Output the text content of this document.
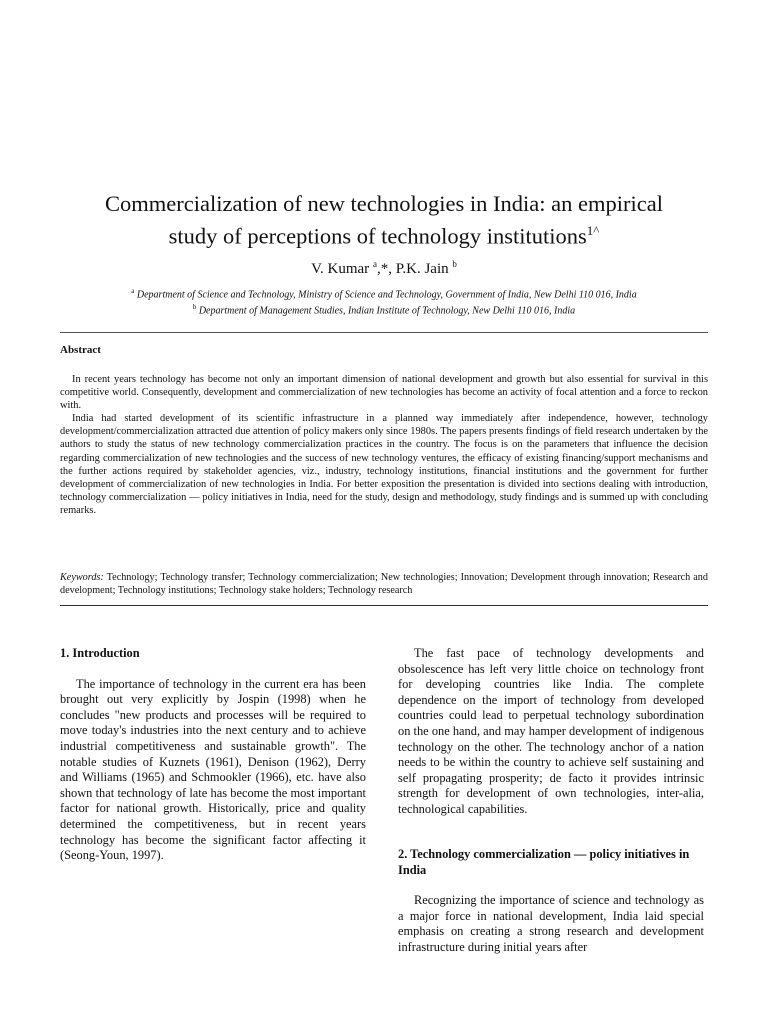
Commercialization of new technologies in India: an empirical
study of perceptions of technology institutions$^{1\^{}}$
V. Kumar $^a$,*, P.K. Jain $^b$
$^a$ Department of Science and Technology, Ministry of Science and Technology, Government of India, New Delhi 110 016, India
$^b$ Department of Management Studies, Indian Institute of Technology, New Delhi 110 016, India
Abstract

In recent years technology has become not only an important dimension of national development and growth but also essential for survival in this competitive world. Consequently, development and commercialization of new technologies has become an activity of focal attention and a force to reckon with.

India had started development of its scientific infrastructure in a planned way immediately after independence, however, technology development/commercialization attracted due attention of policy makers only since 1980s. The papers presents findings of field research undertaken by the authors to study the status of new technology commercialization practices in the country. The focus is on the parameters that influence the decision regarding commercialization of new technologies and the success of new technology ventures, the efficacy of existing financing/support mechanisms and the further actions required by stakeholder agencies, viz., industry, technology institutions, financial institutions and the government for further development of commercialization of new technologies in India. For better exposition the presentation is divided into sections dealing with introduction, technology commercialization — policy initiatives in India, need for the study, design and methodology, study findings and is summed up with concluding remarks.

Keywords: Technology; Technology transfer; Technology commercialization; New technologies; Innovation; Development through innovation; Research and development; Technology institutions; Technology stake holders; Technology research
1. Introduction

The importance of technology in the current era has been brought out very explicitly by Jospin (1998) when he concludes "new products and processes will be required to move today's industries into the next century and to achieve industrial competitiveness and sustainable growth". The notable studies of Kuznets (1961), Denison (1962), Derry and Williams (1965) and Schmookler (1966), etc. have also shown that technology of late has become the most important factor for national growth. Historically, price and quality determined the competitiveness, but in recent years technology has become the significant factor affecting it (Seong-Youn, 1997).

The fast pace of technology developments and obsolescence has left very little choice on technology front for developing countries like India. The complete dependence on the import of technology from developed countries could lead to perpetual technology subordination on the one hand, and may hamper development of indigenous technology on the other. The technology anchor of a nation needs to be within the country to achieve self sustaining and self propagating prosperity; de facto it provides intrinsic strength for development of own technologies, inter-alia, technological capabilities.

2. Technology commercialization — policy initiatives in India

Recognizing the importance of science and technology as a major force in national development, India laid special emphasis on creating a strong research and development infrastructure during initial years after
